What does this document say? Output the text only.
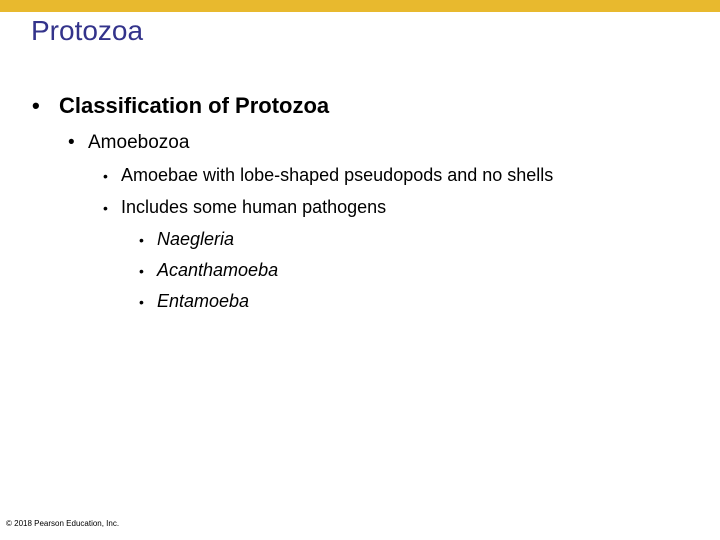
Protozoa
• Classification of Protozoa
• Amoebozoa
• Amoebae with lobe-shaped pseudopods and no shells
• Includes some human pathogens
• Naegleria
• Acanthamoeba
• Entamoeba
© 2018 Pearson Education, Inc.
